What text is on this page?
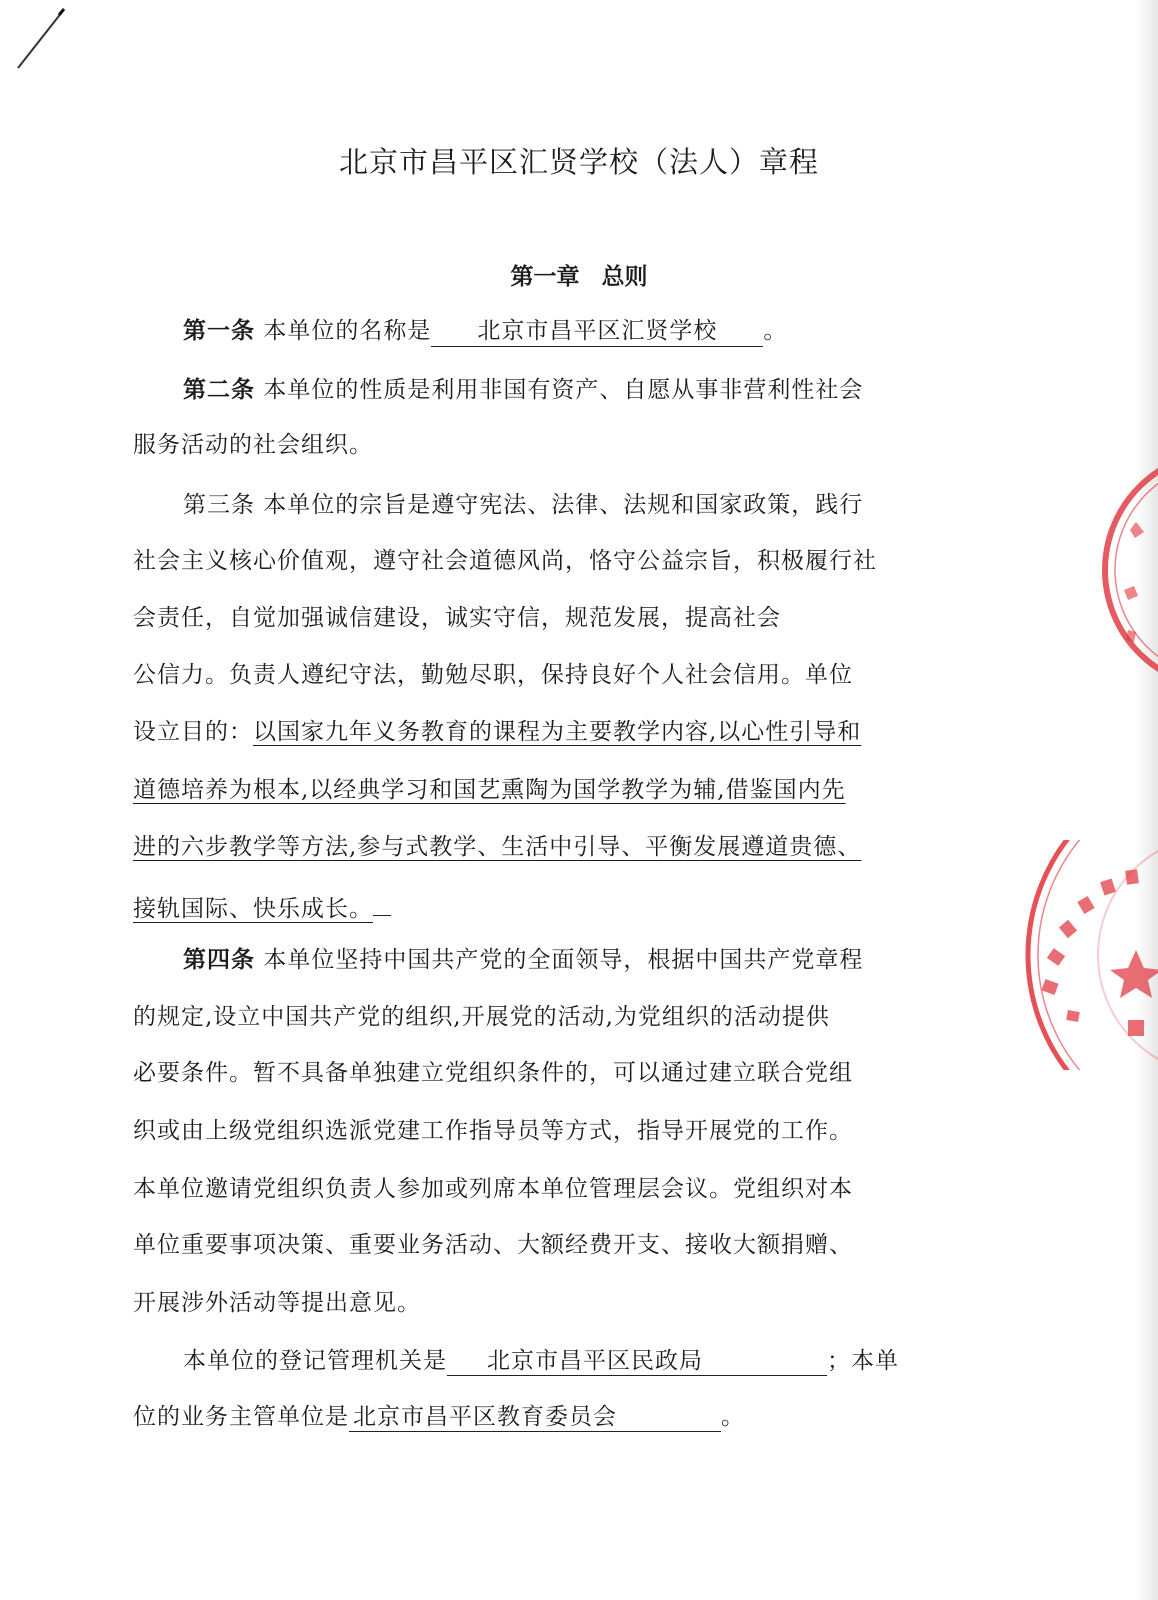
北京市昌平区汇贤学校（法人）章程
第一章 总则
第一条 本单位的名称是 北京市昌平区汇贤学校 。
第二条 本单位的性质是利用非国有资产、自愿从事非营利性社会
服务活动的社会组织。
第三条 本单位的宗旨是遵守宪法、法律、法规和国家政策，践行
社会主义核心价值观，遵守社会道德风尚，恪守公益宗旨，积极履行社
会责任，自觉加强诚信建设，诚实守信，规范发展，提高社会
公信力。负责人遵纪守法，勤勉尽职，保持良好个人社会信用。单位
设立目的：以国家九年义务教育的课程为主要教学内容,以心性引导和
道德培养为根本,以经典学习和国艺熏陶为国学教学为辅,借鉴国内先
进的六步教学等方法,参与式教学、生活中引导、平衡发展遵道贵德、
接轨国际、快乐成长。
第四条 本单位坚持中国共产党的全面领导，根据中国共产党章程
的规定,设立中国共产党的组织,开展党的活动,为党组织的活动提供
必要条件。暂不具备单独建立党组织条件的，可以通过建立联合党组
织或由上级党组织选派党建工作指导员等方式，指导开展党的工作。
本单位邀请党组织负责人参加或列席本单位管理层会议。党组织对本
单位重要事项决策、重要业务活动、大额经费开支、接收大额捐赠、
开展涉外活动等提出意见。
本单位的登记管理机关是 北京市昌平区民政局	；本单
位的业务主管单位是 北京市昌平区教育委员会	。
